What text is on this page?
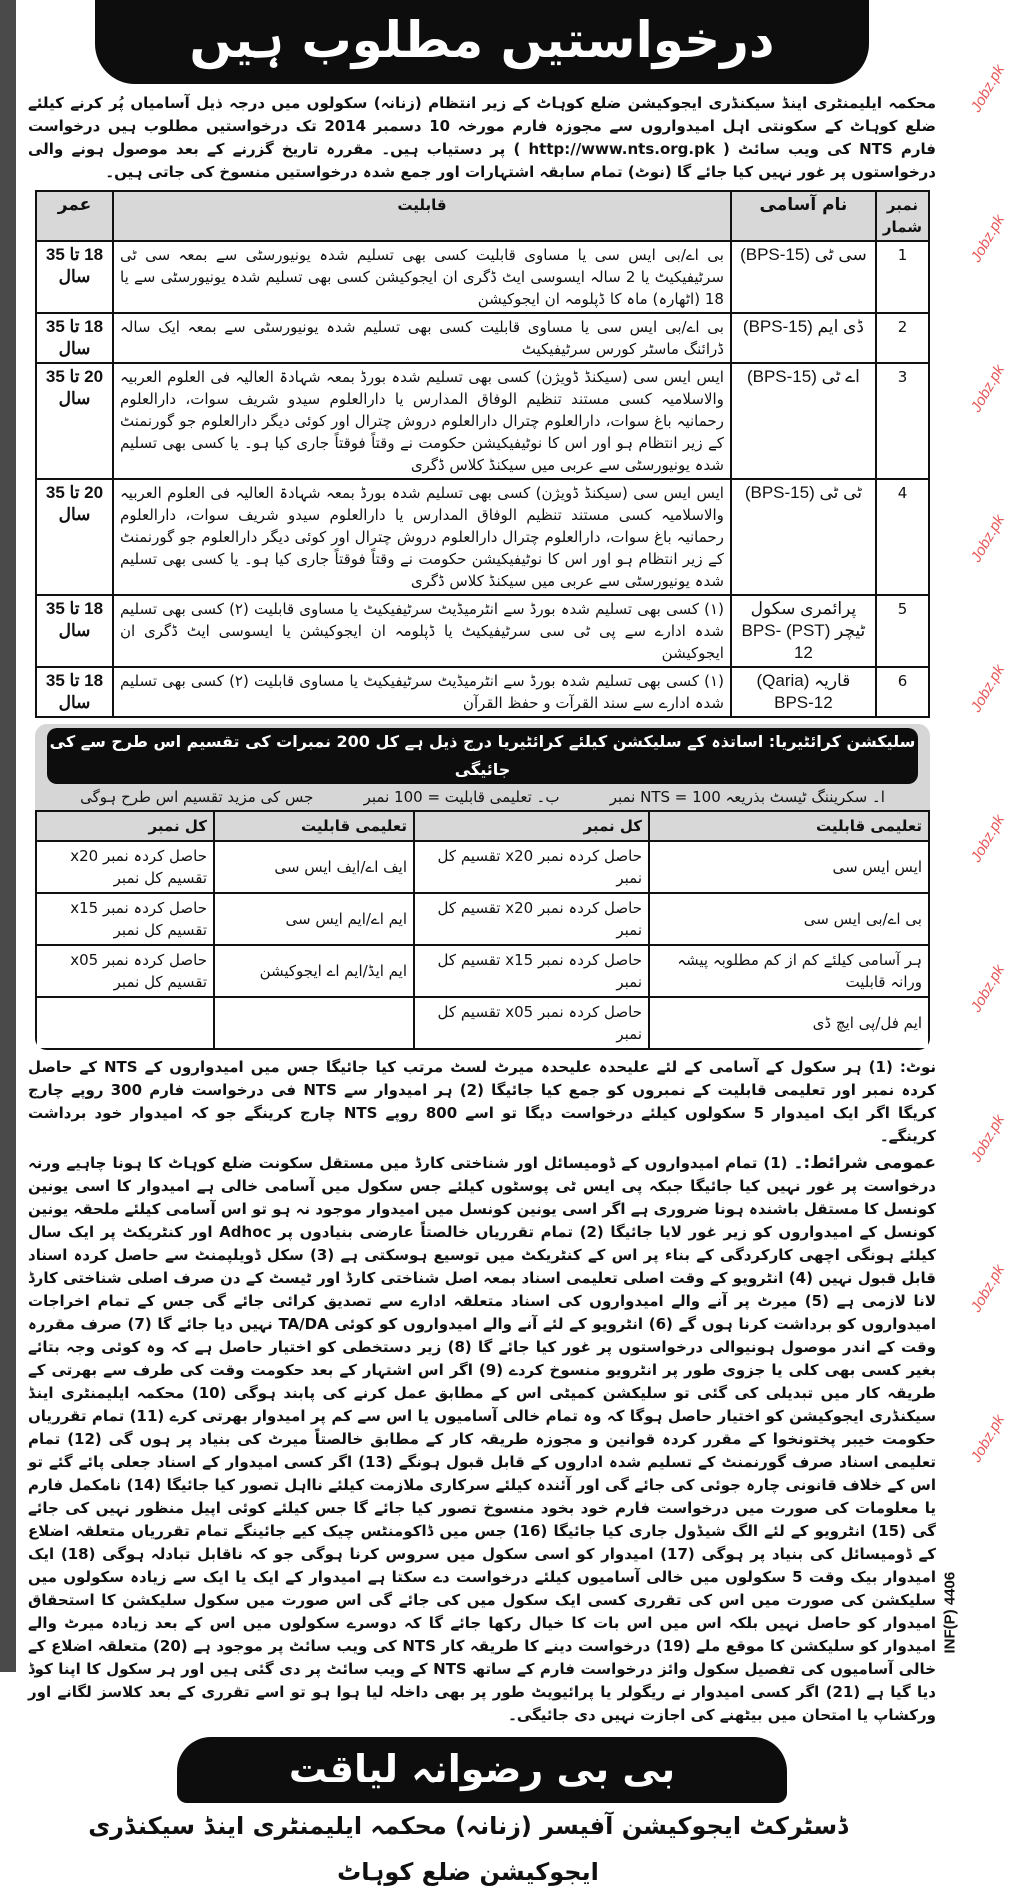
درخواستیں مطلوب ہیں
محکمہ ایلیمنٹری اینڈ سیکنڈری ایجوکیشن ضلع کوہاٹ کے زیر انتظام (زنانہ) سکولوں میں درجہ ذیل آسامیاں پُر کرنے کیلئے ضلع کوہاٹ کے سکونتی اہل امیدواروں سے مجوزہ فارم مورخہ 10 دسمبر 2014 تک درخواستیں مطلوب ہیں درخواست فارم NTS کی ویب سائٹ ( http://www.nts.org.pk ) پر دستیاب ہیں۔ مقررہ تاریخ گزرنے کے بعد موصول ہونے والی درخواستوں پر غور نہیں کیا جائے گا (نوٹ) تمام سابقہ اشتہارات اور جمع شدہ درخواستیں منسوخ کی جاتی ہیں۔
نمبر شمار	نام آسامی	قابلیت	عمر
1	سی ٹی (BPS-15)	بی اے/بی ایس سی یا مساوی قابلیت کسی بھی تسلیم شدہ یونیورسٹی سے بمعہ سی ٹی سرٹیفیکیٹ یا 2 سالہ ایسوسی ایٹ ڈگری ان ایجوکیشن کسی بھی تسلیم شدہ یونیورسٹی سے یا 18 (اٹھارہ) ماہ کا ڈپلومہ ان ایجوکیشن	18 تا 35
سال

2	ڈی ایم (BPS-15)	بی اے/بی ایس سی یا مساوی قابلیت کسی بھی تسلیم شدہ یونیورسٹی سے بمعہ ایک سالہ ڈرائنگ ماسٹر کورس سرٹیفیکیٹ	18 تا 35
سال

3	اے ٹی (BPS-15)	ایس ایس سی (سیکنڈ ڈویژن) کسی بھی تسلیم شدہ بورڈ بمعہ شہادۃ العالیہ فی العلوم العربیہ والاسلامیہ کسی مستند تنظیم الوفاق المدارس یا دارالعلوم سیدو شریف سوات، دارالعلوم رحمانیہ باغ سوات، دارالعلوم چترال دارالعلوم دروش چترال اور کوئی دیگر دارالعلوم جو گورنمنٹ کے زیر انتظام ہو اور اس کا نوٹیفیکیشن حکومت نے وقتاً فوقتاً جاری کیا ہو۔ یا کسی بھی تسلیم شدہ یونیورسٹی سے عربی میں سیکنڈ کلاس ڈگری	20 تا 35
سال

4	ٹی ٹی (BPS-15)	ایس ایس سی (سیکنڈ ڈویژن) کسی بھی تسلیم شدہ بورڈ بمعہ شہادۃ العالیہ فی العلوم العربیہ والاسلامیہ کسی مستند تنظیم الوفاق المدارس یا دارالعلوم سیدو شریف سوات، دارالعلوم رحمانیہ باغ سوات، دارالعلوم چترال دارالعلوم دروش چترال اور کوئی دیگر دارالعلوم جو گورنمنٹ کے زیر انتظام ہو اور اس کا نوٹیفیکیشن حکومت نے وقتاً فوقتاً جاری کیا ہو۔ یا کسی بھی تسلیم شدہ یونیورسٹی سے عربی میں سیکنڈ کلاس ڈگری	20 تا 35
سال

5	پرائمری سکول ٹیچر (PST) BPS-12	(۱) کسی بھی تسلیم شدہ بورڈ سے انٹرمیڈیٹ سرٹیفیکیٹ یا مساوی قابلیت (۲) کسی بھی تسلیم شدہ ادارے سے پی ٹی سی سرٹیفیکیٹ یا ڈپلومہ ان ایجوکیشن یا ایسوسی ایٹ ڈگری ان ایجوکیشن	18 تا 35
سال

6	قاریہ (Qaria) BPS-12	(۱) کسی بھی تسلیم شدہ بورڈ سے انٹرمیڈیٹ سرٹیفیکیٹ یا مساوی قابلیت (۲) کسی بھی تسلیم شدہ ادارے سے سند القرآت و حفظ القرآن	18 تا 35
سال
سلیکشن کرائٹیریا: اساتذہ کے سلیکشن کیلئے کرائٹیریا درج ذیل ہے کل 200 نمبرات کی تقسیم اس طرح سے کی جائیگی
ا۔ سکریننگ ٹیسٹ بذریعہ NTS = 100 نمبر
ب۔ تعلیمی قابلیت = 100 نمبر
جس کی مزید تقسیم اس طرح ہوگی
تعلیمی قابلیت	کل نمبر	تعلیمی قابلیت	کل نمبر
ایس ایس سی	حاصل کردہ نمبر x20 تقسیم کل نمبر	ایف اے/ایف ایس سی	حاصل کردہ نمبر x20 تقسیم کل نمبر
بی اے/بی ایس سی	حاصل کردہ نمبر x20 تقسیم کل نمبر	ایم اے/ایم ایس سی	حاصل کردہ نمبر x15 تقسیم کل نمبر
ہر آسامی کیلئے کم از کم مطلوبہ پیشہ ورانہ قابلیت	حاصل کردہ نمبر x15 تقسیم کل نمبر	ایم ایڈ/ایم اے ایجوکیشن	حاصل کردہ نمبر x05 تقسیم کل نمبر
ایم فل/پی ایچ ڈی	حاصل کردہ نمبر x05 تقسیم کل نمبر		
نوٹ: (1) ہر سکول کے آسامی کے لئے علیحدہ علیحدہ میرٹ لسٹ مرتب کیا جائیگا جس میں امیدواروں کے NTS کے حاصل کردہ نمبر اور تعلیمی قابلیت کے نمبروں کو جمع کیا جائیگا (2) ہر امیدوار سے NTS فی درخواست فارم 300 روپے چارج کریگا اگر ایک امیدوار 5 سکولوں کیلئے درخواست دیگا تو اسے 800 روپے NTS چارج کرینگے جو کہ امیدوار خود برداشت کرینگے۔
عمومی شرائط:۔ (1) تمام امیدواروں کے ڈومیسائل اور شناختی کارڈ میں مستقل سکونت ضلع کوہاٹ کا ہونا چاہیے ورنہ درخواست پر غور نہیں کیا جائیگا جبکہ پی ایس ٹی پوسٹوں کیلئے جس سکول میں آسامی خالی ہے امیدوار کا اسی یونین کونسل کا مستقل باشندہ ہونا ضروری ہے اگر اسی یونین کونسل میں امیدوار موجود نہ ہو تو اس آسامی کیلئے ملحقہ یونین کونسل کے امیدواروں کو زیر غور لایا جائیگا (2) تمام تقرریاں خالصتاً عارضی بنیادوں پر Adhoc اور کنٹریکٹ پر ایک سال کیلئے ہونگی اچھی کارکردگی کے بناء پر اس کے کنٹریکٹ میں توسیع ہوسکتی ہے (3) سکل ڈویلپمنٹ سے حاصل کردہ اسناد قابل قبول نہیں (4) انٹرویو کے وقت اصلی تعلیمی اسناد بمعہ اصل شناختی کارڈ اور ٹیسٹ کے دن صرف اصلی شناختی کارڈ لانا لازمی ہے (5) میرٹ پر آنے والے امیدواروں کی اسناد متعلقہ ادارے سے تصدیق کرائی جائے گی جس کے تمام اخراجات امیدواروں کو برداشت کرنا ہوں گے (6) انٹرویو کے لئے آنے والے امیدواروں کو کوئی TA/DA نہیں دیا جائے گا (7) صرف مقررہ وقت کے اندر موصول ہونیوالی درخواستوں پر غور کیا جائے گا (8) زیر دستخطی کو اختیار حاصل ہے کہ وہ کوئی وجہ بتائے بغیر کسی بھی کلی یا جزوی طور پر انٹرویو منسوخ کردے (9) اگر اس اشتہار کے بعد حکومت وقت کی طرف سے بھرتی کے طریقہ کار میں تبدیلی کی گئی تو سلیکشن کمیٹی اس کے مطابق عمل کرنے کی پابند ہوگی (10) محکمہ ایلیمنٹری اینڈ سیکنڈری ایجوکیشن کو اختیار حاصل ہوگا کہ وہ تمام خالی آسامیوں یا اس سے کم پر امیدوار بھرتی کرے (11) تمام تقرریاں حکومت خیبر پختونخوا کے مقرر کردہ قوانین و مجوزہ طریقہ کار کے مطابق خالصتاً میرٹ کی بنیاد پر ہوں گی (12) تمام تعلیمی اسناد صرف گورنمنٹ کے تسلیم شدہ اداروں کے قابل قبول ہونگے (13) اگر کسی امیدوار کے اسناد جعلی پائے گئے تو اس کے خلاف قانونی چارہ جوئی کی جائے گی اور آئندہ کیلئے سرکاری ملازمت کیلئے نااہل تصور کیا جائیگا (14) نامکمل فارم یا معلومات کی صورت میں درخواست فارم خود بخود منسوخ تصور کیا جائے گا جس کیلئے کوئی اپیل منظور نہیں کی جائے گی (15) انٹرویو کے لئے الگ شیڈول جاری کیا جائیگا (16) جس میں ڈاکومنٹس چیک کیے جائینگے تمام تقرریاں متعلقہ اضلاع کے ڈومیسائل کی بنیاد پر ہوگی (17) امیدوار کو اسی سکول میں سروس کرنا ہوگی جو کہ ناقابل تبادلہ ہوگی (18) ایک امیدوار بیک وقت 5 سکولوں میں خالی آسامیوں کیلئے درخواست دے سکتا ہے امیدوار کے ایک یا ایک سے زیادہ سکولوں میں سلیکشن کی صورت میں اس کی تقرری کسی ایک سکول میں کی جائے گی اس صورت میں سکول سلیکشن کا استحقاق امیدوار کو حاصل نہیں بلکہ اس میں اس بات کا خیال رکھا جائے گا کہ دوسرے سکولوں میں اس کے بعد زیادہ میرٹ والے امیدوار کو سلیکشن کا موقع ملے (19) درخواست دینے کا طریقہ کار NTS کی ویب سائٹ پر موجود ہے (20) متعلقہ اضلاع کے خالی آسامیوں کی تفصیل سکول وائز درخواست فارم کے ساتھ NTS کے ویب سائٹ پر دی گئی ہیں اور ہر سکول کا اپنا کوڈ دیا گیا ہے (21) اگر کسی امیدوار نے ریگولر یا پرائیویٹ طور پر بھی داخلہ لیا ہوا ہو تو اسے تقرری کے بعد کلاسز لگانے اور ورکشاپ یا امتحان میں بیٹھنے کی اجازت نہیں دی جائیگی۔
بی بی رضوانہ لیاقت
ڈسٹرکٹ ایجوکیشن آفیسر (زنانہ) محکمہ ایلیمنٹری اینڈ سیکنڈری ایجوکیشن ضلع کوہاٹ
INF(P) 4406
Jobz.pk
Jobz.pk
Jobz.pk
Jobz.pk
Jobz.pk
Jobz.pk
Jobz.pk
Jobz.pk
Jobz.pk
Jobz.pk
